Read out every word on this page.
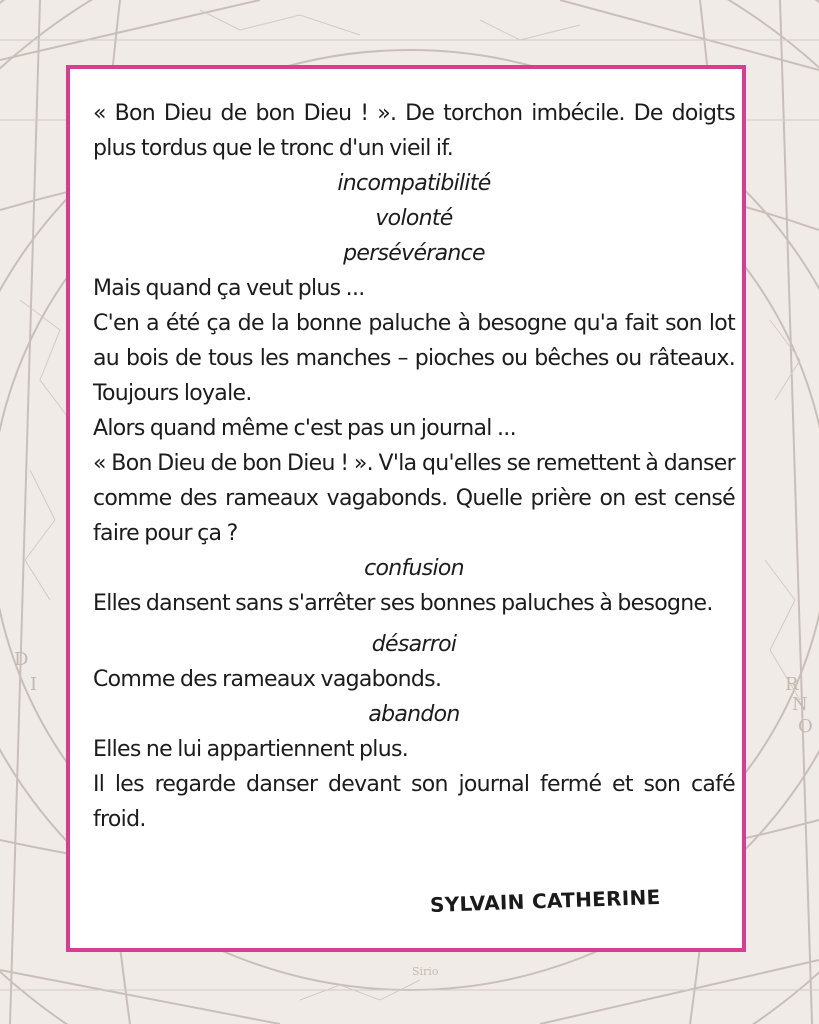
D
I	R
N
O
Sirio

« Bon Dieu de bon Dieu ! ». De torchon imbécile. De doigts plus tordus que le tronc d'un vieil if.

incompatibilité

volonté

persévérance

Mais quand ça veut plus ...

C'en a été ça de la bonne paluche à besogne qu'a fait son lot au bois de tous les manches – pioches ou bêches ou râteaux. Toujours loyale.

Alors quand même c'est pas un journal ...

« Bon Dieu de bon Dieu ! ». V'la qu'elles se remettent à danser comme des rameaux vagabonds. Quelle prière on est censé faire pour ça ?

confusion

Elles dansent sans s'arrêter ses bonnes paluches à besogne.

désarroi

Comme des rameaux vagabonds.

abandon

Elles ne lui appartiennent plus.

Il les regarde danser devant son journal fermé et son café froid.

SYLVAIN CATHERINE
